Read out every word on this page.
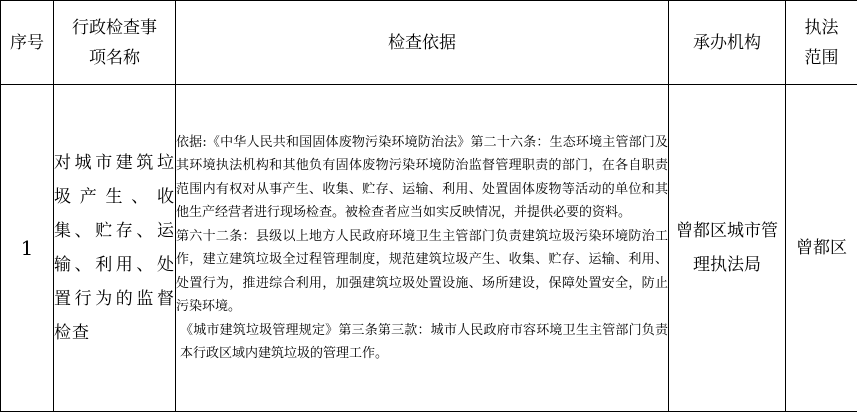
序号	行政检查事项名称	检查依据	承办机构	执法范围
1	对城市建筑垃圾产生、收集、贮存、运输、利用、处置行为的监督检查	依据:《中华人民共和国固体废物污染环境防治法》第二十六条：生态环境主管部门及其环境执法机构和其他负有固体废物污染环境防治监督管理职责的部门，在各自职责范围内有权对从事产生、收集、贮存、运输、利用、处置固体废物等活动的单位和其他生产经营者进行现场检查。被检查者应当如实反映情况，并提供必要的资料。

第六十二条：县级以上地方人民政府环境卫生主管部门负责建筑垃圾污染环境防治工作，建立建筑垃圾全过程管理制度，规范建筑垃圾产生、收集、贮存、运输、利用、处置行为，推进综合利用，加强建筑垃圾处置设施、场所建设，保障处置安全，防止污染环境。

《城市建筑垃圾管理规定》第三条第三款：城市人民政府市容环境卫生主管部门负责本行政区域内建筑垃圾的管理工作。	曾都区城市管理执法局	曾都区
